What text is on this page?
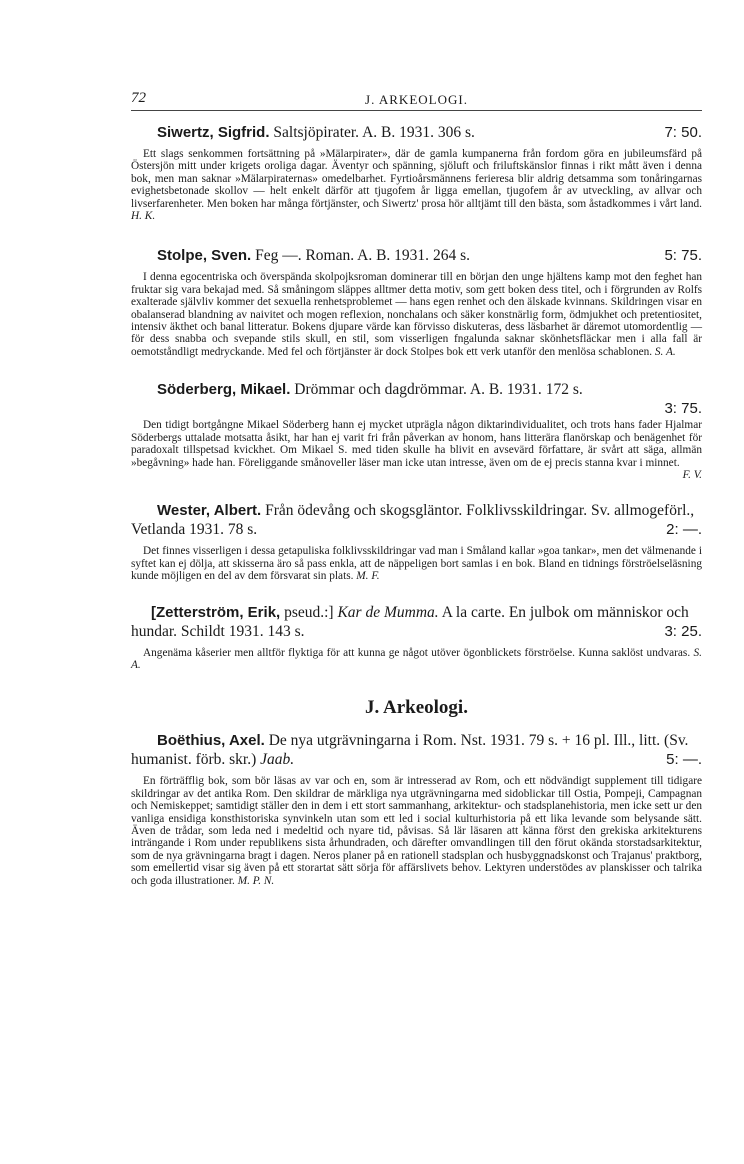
72	J. ARKEOLOGI.

Siwertz, Sigfrid. Saltsjöpirater. A. B. 1931. 306 s.	7: 50.

Ett slags senkommen fortsättning på »Mälarpirater», där de gamla kumpanerna från fordom göra en jubileumsfärd på Östersjön mitt under krigets oroliga dagar. Äventyr och spänning, sjöluft och friluftskänslor finnas i rikt mått även i denna bok, men man saknar »Mälarpiraternas» omedelbarhet. Fyrtioårsmännens ferieresa blir aldrig detsamma som tonåringarnas evighetsbetonade skollov — helt enkelt därför att tjugofem år ligga emellan, tjugofem år av utveckling, av allvar och livserfarenheter. Men boken har många förtjänster, och Siwertz' prosa hör alltjämt till den bästa, som åstadkommes i vårt land. H. K.

Stolpe, Sven. Feg —. Roman. A. B. 1931. 264 s.	5: 75.

I denna egocentriska och överspända skolpojksroman dominerar till en början den unge hjältens kamp mot den feghet han fruktar sig vara bekajad med. Så småningom släppes alltmer detta motiv, som gett boken dess titel, och i förgrunden av Rolfs exalterade självliv kommer det sexuella renhetsproblemet — hans egen renhet och den älskade kvinnans. Skildringen visar en obalanserad blandning av naivitet och mogen reflexion, nonchalans och säker konstnärlig form, ödmjukhet och pretentiositet, intensiv äkthet och banal litteratur. Bokens djupare värde kan förvisso diskuteras, dess läsbarhet är däremot utomordentlig — för dess snabba och svepande stils skull, en stil, som visserligen fngalunda saknar skönhetsfläckar men i alla fall är oemotståndligt medryckande. Med fel och förtjänster är dock Stolpes bok ett verk utanför den menlösa schablonen. S. A.

Söderberg, Mikael. Drömmar och dagdrömmar. A. B. 1931. 172 s.

3: 75.

Den tidigt bortgångne Mikael Söderberg hann ej mycket utprägla någon diktarindividualitet, och trots hans fader Hjalmar Söderbergs uttalade motsatta åsikt, har han ej varit fri från påverkan av honom, hans litterära flanörskap och benägenhet för paradoxalt tillspetsad kvickhet. Om Mikael S. med tiden skulle ha blivit en avsevärd författare, är svårt att säga, allmän »begåvning» hade han. Föreliggande smånoveller läser man icke utan intresse, även om de ej precis stanna kvar i minnet.

F. V.

Wester, Albert. Från ödevång och skogsgläntor. Folklivsskildringar. Sv. allmogeförl., Vetlanda 1931. 78 s.	2: —.

Det finnes visserligen i dessa getapuliska folklivsskildringar vad man i Småland kallar »goa tankar», men det välmenande i syftet kan ej dölja, att skisserna äro så pass enkla, att de näppeligen bort samlas i en bok. Bland en tidnings förströelseläsning kunde möjligen en del av dem försvarat sin plats. M. F.

[Zetterström, Erik, pseud.:] Kar de Mumma. A la carte. En julbok om människor och hundar. Schildt 1931. 143 s.	3: 25.

Angenäma kåserier men alltför flyktiga för att kunna ge något utöver ögonblickets förströelse. Kunna saklöst undvaras. S. A.

J. Arkeologi.

Boëthius, Axel. De nya utgrävningarna i Rom. Nst. 1931. 79 s. + 16 pl. Ill., litt. (Sv. humanist. förb. skr.) Jaab.	5: —.

En förträfflig bok, som bör läsas av var och en, som är intresserad av Rom, och ett nödvändigt supplement till tidigare skildringar av det antika Rom. Den skildrar de märkliga nya utgrävningarna med sidoblickar till Ostia, Pompeji, Campagnan och Nemiskeppet; samtidigt ställer den in dem i ett stort sammanhang, arkitektur- och stadsplanehistoria, men icke sett ur den vanliga ensidiga konsthistoriska synvinkeln utan som ett led i social kulturhistoria på ett lika levande som belysande sätt. Även de trådar, som leda ned i medeltid och nyare tid, påvisas. Så lär läsaren att känna först den grekiska arkitekturens inträngande i Rom under republikens sista århundraden, och därefter omvandlingen till den förut okända storstadsarkitektur, som de nya grävningarna bragt i dagen. Neros planer på en rationell stadsplan och husbyggnadskonst och Trajanus' praktborg, som emellertid visar sig även på ett storartat sätt sörja för affärslivets behov. Lektyren understödes av planskisser och talrika och goda illustrationer. M. P. N.
